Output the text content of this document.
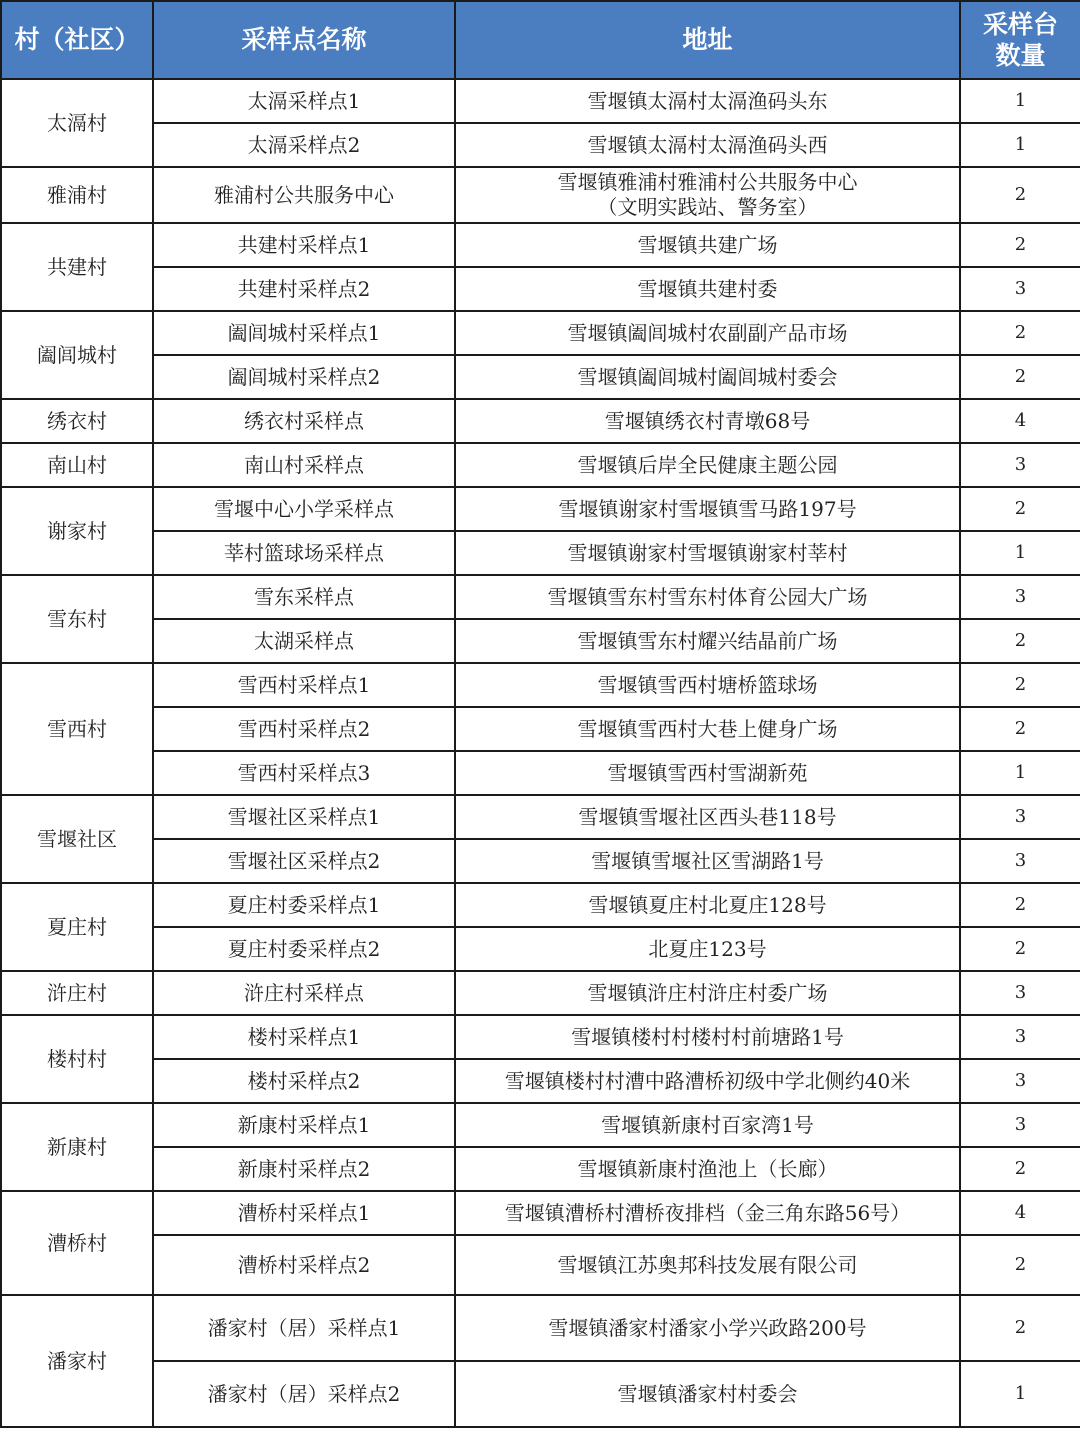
村（社区）	采样点名称	地址	采样台
数量

太滆村	太滆采样点1	雪堰镇太滆村太滆渔码头东	1
	太滆采样点2	雪堰镇太滆村太滆渔码头西	1
雅浦村	雅浦村公共服务中心	雪堰镇雅浦村雅浦村公共服务中心
（文明实践站、警务室）	2
共建村	共建村采样点1	雪堰镇共建广场	2
	共建村采样点2	雪堰镇共建村委	3
阖闾城村	阖闾城村采样点1	雪堰镇阖闾城村农副副产品市场	2
	阖闾城村采样点2	雪堰镇阖闾城村阖闾城村委会	2
绣衣村	绣衣村采样点	雪堰镇绣衣村青墩68号	4
南山村	南山村采样点	雪堰镇后岸全民健康主题公园	3
谢家村	雪堰中心小学采样点	雪堰镇谢家村雪堰镇雪马路197号	2
	莘村篮球场采样点	雪堰镇谢家村雪堰镇谢家村莘村	1
雪东村	雪东采样点	雪堰镇雪东村雪东村体育公园大广场	3
	太湖采样点	雪堰镇雪东村耀兴结晶前广场	2
雪西村	雪西村采样点1	雪堰镇雪西村塘桥篮球场	2
	雪西村采样点2	雪堰镇雪西村大巷上健身广场	2
	雪西村采样点3	雪堰镇雪西村雪湖新苑	1
雪堰社区	雪堰社区采样点1	雪堰镇雪堰社区西头巷118号	3
	雪堰社区采样点2	雪堰镇雪堰社区雪湖路1号	3
夏庄村	夏庄村委采样点1	雪堰镇夏庄村北夏庄128号	2
	夏庄村委采样点2	北夏庄123号	2
浒庄村	浒庄村采样点	雪堰镇浒庄村浒庄村委广场	3
楼村村	楼村采样点1	雪堰镇楼村村楼村村前塘路1号	3
	楼村采样点2	雪堰镇楼村村漕中路漕桥初级中学北侧约40米	3
新康村	新康村采样点1	雪堰镇新康村百家湾1号	3
	新康村采样点2	雪堰镇新康村渔池上（长廊）	2
漕桥村	漕桥村采样点1	雪堰镇漕桥村漕桥夜排档（金三角东路56号）	4
	漕桥村采样点2	雪堰镇江苏奥邦科技发展有限公司	2
潘家村	潘家村（居）采样点1	雪堰镇潘家村潘家小学兴政路200号	2
	潘家村（居）采样点2	雪堰镇潘家村村委会	1
